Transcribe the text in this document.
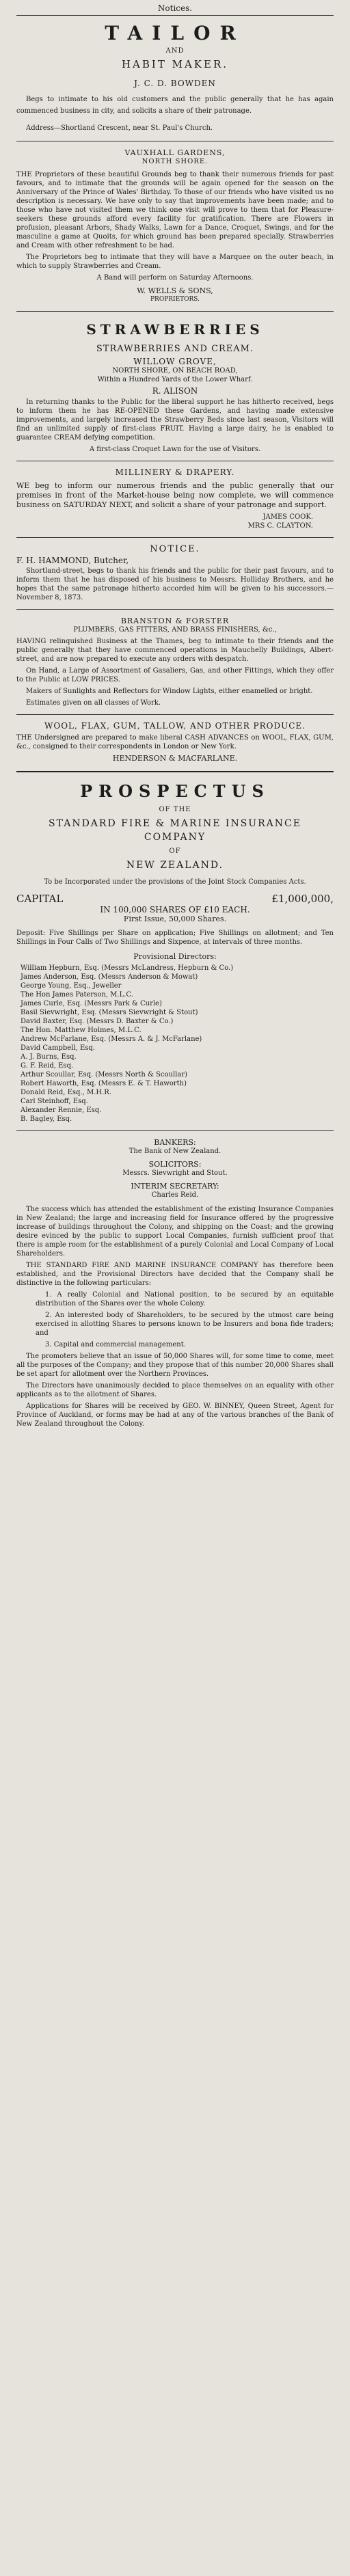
Notices.
TAILOR
AND
HABIT MAKER.
J. C. D. BOWDEN
Begs to intimate to his old customers and the public generally that he has again commenced business in city, and solicits a share of their patronage.
Address—Shortland Crescent, near St. Paul's Church.
VAUXHALL GARDENS,
NORTH SHORE.
THE Proprietors of these beautiful Grounds beg to thank their numerous friends for past favours, and to intimate that the grounds will be again opened for the season on the Anniversary of the Prince of Wales' Birthday. To those of our friends who have visited us no description is necessary. We have only to say that improvements have been made; and to those who have not visited them we think one visit will prove to them that for Pleasure-seekers these grounds afford every facility for gratification. There are Flowers in profusion, pleasant Arbors, Shady Walks, Lawn for a Dance, Croquet, Swings, and for the masculine a game at Quoits, for which ground has been prepared specially. Strawberries and Cream with other refreshment to be had.
The Proprietors beg to intimate that they will have a Marquee on the outer beach, in which to supply Strawberries and Cream.
A Band will perform on Saturday Afternoons.
W. WELLS & SONS,
PROPRIETORS.
STRAWBERRIES
STRAWBERRIES AND CREAM.
WILLOW GROVE,
NORTH SHORE, ON BEACH ROAD,
Within a Hundred Yards of the Lower Wharf.
R. ALISON
In returning thanks to the Public for the liberal support he has hitherto received, begs to inform them he has RE-OPENED these Gardens, and having made extensive improvements, and largely increased the Strawberry Beds since last season, Visitors will find an unlimited supply of first-class FRUIT. Having a large dairy, he is enabled to guarantee CREAM defying competition.
A first-class Croquet Lawn for the use of Visitors.
MILLINERY & DRAPERY.
WE beg to inform our numerous friends and the public generally that our premises in front of the Market-house being now complete, we will commence business on SATURDAY NEXT, and solicit a share of your patronage and support.
JAMES COOK.
MRS C. CLAYTON.
NOTICE.
F. H. HAMMOND, Butcher,
Shortland-street, begs to thank his friends and the public for their past favours, and to inform them that he has disposed of his business to Messrs. Holliday Brothers, and he hopes that the same patronage hitherto accorded him will be given to his successors.—November 8, 1873.
BRANSTON & FORSTER
PLUMBERS, GAS FITTERS, AND BRASS FINISHERS, &c.,
HAVING relinquished Business at the Thames, beg to intimate to their friends and the public generally that they have commenced operations in Mauchelly Buildings, Albert-street, and are now prepared to execute any orders with despatch.
On Hand, a Large of Assortment of Gasaliers, Gas, and other Fittings, which they offer to the Public at LOW PRICES.
Makers of Sunlights and Reflectors for Window Lights, either enamelled or bright.
Estimates given on all classes of Work.
WOOL, FLAX, GUM, TALLOW, AND OTHER PRODUCE.
THE Undersigned are prepared to make liberal CASH ADVANCES on WOOL, FLAX, GUM, &c., consigned to their correspondents in London or New York.
HENDERSON & MACFARLANE.
PROSPECTUS
OF THE
STANDARD FIRE & MARINE INSURANCE COMPANY
OF
NEW ZEALAND.
To be Incorporated under the provisions of the Joint Stock Companies Acts.
CAPITAL	£1,000,000,
IN 100,000 SHARES OF £10 EACH.
First Issue, 50,000 Shares.
Deposit: Five Shillings per Share on application; Five Shillings on allotment; and Ten Shillings in Four Calls of Two Shillings and Sixpence, at intervals of three months.
Provisional Directors:
William Hepburn, Esq. (Messrs McLandress, Hepburn & Co.)
James Anderson, Esq. (Messrs Anderson & Mowat)
George Young, Esq., Jeweller
The Hon James Paterson, M.L.C.
James Curle, Esq. (Messrs Park & Curle)
Basil Sievwright, Esq. (Messrs Sievwright & Stout)
David Baxter, Esq. (Messrs D. Baxter & Co.)
The Hon. Matthew Holmes, M.L.C.
Andrew McFarlane, Esq. (Messrs A. & J. McFarlane)
David Campbell, Esq.
A. J. Burns, Esq.
G. F. Reid, Esq.
Arthur Scoullar, Esq. (Messrs North & Scoullar)
Robert Haworth, Esq. (Messrs E. & T. Haworth)
Donald Reid, Esq., M.H.R.
Carl Steinhoff, Esq.
Alexander Rennie, Esq.
B. Bagley, Esq.
BANKERS:
The Bank of New Zealand.
SOLICITORS:
Messrs. Sievwright and Stout.
INTERIM SECRETARY:
Charles Reid.
The success which has attended the establishment of the existing Insurance Companies in New Zealand; the large and increasing field for Insurance offered by the progressive increase of buildings throughout the Colony, and shipping on the Coast; and the growing desire evinced by the public to support Local Companies, furnish sufficient proof that there is ample room for the establishment of a purely Colonial and Local Company of Local Shareholders.
THE STANDARD FIRE AND MARINE INSURANCE COMPANY has therefore been established, and the Provisional Directors have decided that the Company shall be distinctive in the following particulars:
1. A really Colonial and National position, to be secured by an equitable distribution of the Shares over the whole Colony.
2. An interested body of Shareholders, to be secured by the utmost care being exercised in allotting Shares to persons known to be Insurers and bona fide traders; and
3. Capital and commercial management.
The promoters believe that an issue of 50,000 Shares will, for some time to come, meet all the purposes of the Company; and they propose that of this number 20,000 Shares shall be set apart for allotment over the Northern Provinces.
The Directors have unanimously decided to place themselves on an equality with other applicants as to the allotment of Shares.
Applications for Shares will be received by GEO. W. BINNEY, Queen Street, Agent for Province of Auckland, or forms may be had at any of the various branches of the Bank of New Zealand throughout the Colony.
